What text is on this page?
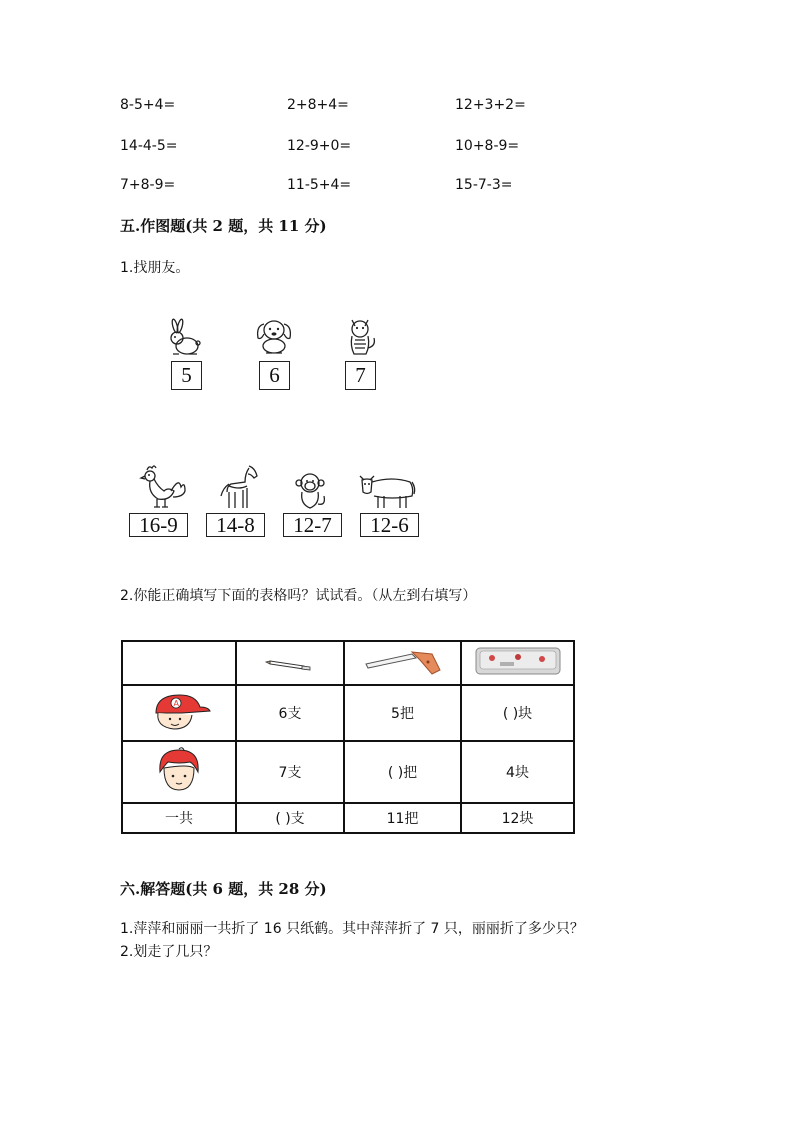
8-5+4=	2+8+4=	12+3+2=
14-4-5=	12-9+0=	10+8-9=
7+8-9=	11-5+4=	15-7-3=
五.作图题(共 2 题，共 11 分)
1.找朋友。
5	6	7
16-9 14-8 12-7 12-6
2.你能正确填写下面的表格吗？试试看。（从左到右填写）

A	6支	5把	( )块
	7支	( )把	4块
一共	( )支	11把	12块
六.解答题(共 6 题，共 28 分)
1.萍萍和丽丽一共折了 16 只纸鹤。其中萍萍折了 7 只，丽丽折了多少只？
2.划走了几只？
